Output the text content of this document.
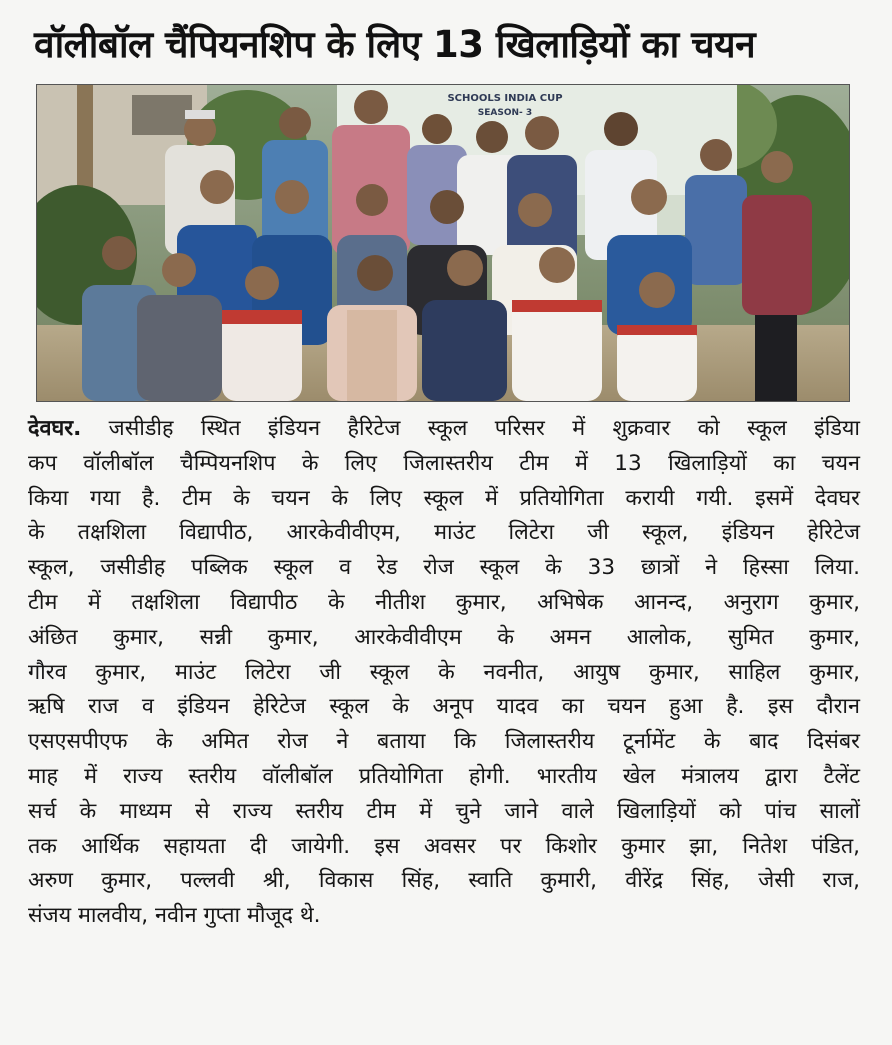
वॉलीबॉल चैंपियनशिप के लिए 13 खिलाड़ियों का चयन
SCHOOLS INDIA CUP
SEASON- 3
देवघर. जसीडीह स्थित इंडियन हैरिटेज स्कूल परिसर में शुक्रवार को स्कूल इंडिया
कप वॉलीबॉल चैम्पियनशिप के लिए जिलास्तरीय टीम में 13 खिलाड़ियों का चयन
किया गया है. टीम के चयन के लिए स्कूल में प्रतियोगिता करायी गयी. इसमें देवघर
के तक्षशिला विद्यापीठ, आरकेवीवीएम, माउंट लिटेरा जी स्कूल, इंडियन हेरिटेज
स्कूल, जसीडीह पब्लिक स्कूल व रेड रोज स्कूल के 33 छात्रों ने हिस्सा लिया.
टीम में तक्षशिला विद्यापीठ के नीतीश कुमार, अभिषेक आनन्द, अनुराग कुमार,
अंछित कुमार, सन्नी कुमार, आरकेवीवीएम के अमन आलोक, सुमित कुमार,
गौरव कुमार, माउंट लिटेरा जी स्कूल के नवनीत, आयुष कुमार, साहिल कुमार,
ऋषि राज व इंडियन हेरिटेज स्कूल के अनूप यादव का चयन हुआ है. इस दौरान
एसएसपीएफ के अमित रोज ने बताया कि जिलास्तरीय टूर्नामेंट के बाद दिसंबर
माह में राज्य स्तरीय वॉलीबॉल प्रतियोगिता होगी. भारतीय खेल मंत्रालय द्वारा टैलेंट
सर्च के माध्यम से राज्य स्तरीय टीम में चुने जाने वाले खिलाड़ियों को पांच सालों
तक आर्थिक सहायता दी जायेगी. इस अवसर पर किशोर कुमार झा, नितेश पंडित,
अरुण कुमार, पल्लवी श्री, विकास सिंह, स्वाति कुमारी, वीरेंद्र सिंह, जेसी राज,
संजय मालवीय, नवीन गुप्ता मौजूद थे.
